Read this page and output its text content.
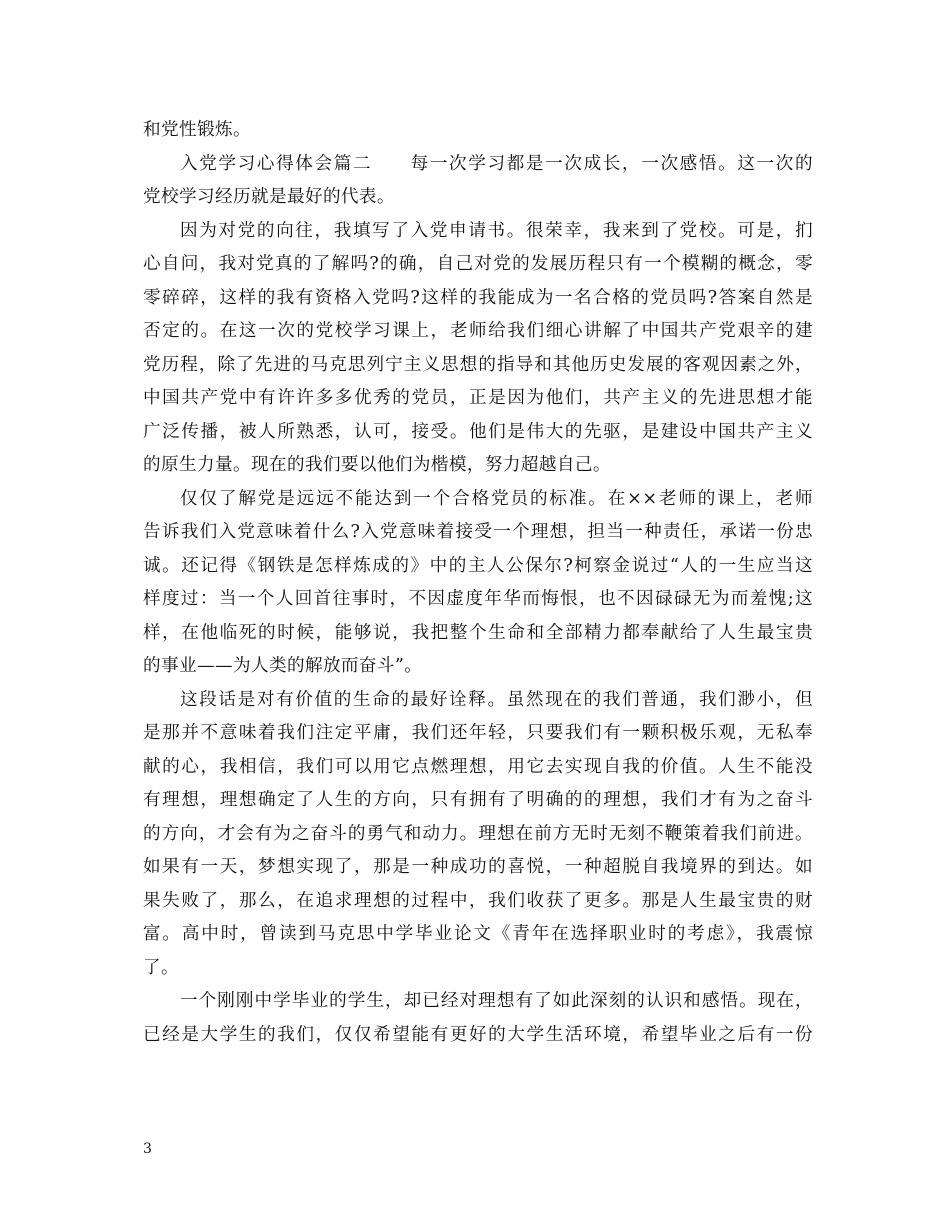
和党性锻炼。
入党学习心得体会篇二　　每一次学习都是一次成长，一次感悟。这一次的
党校学习经历就是最好的代表。
因为对党的向往，我填写了入党申请书。很荣幸，我来到了党校。可是，扪
心自问，我对党真的了解吗?的确，自己对党的发展历程只有一个模糊的概念，零
零碎碎，这样的我有资格入党吗?这样的我能成为一名合格的党员吗?答案自然是
否定的。在这一次的党校学习课上，老师给我们细心讲解了中国共产党艰辛的建
党历程，除了先进的马克思列宁主义思想的指导和其他历史发展的客观因素之外，
中国共产党中有许许多多优秀的党员，正是因为他们，共产主义的先进思想才能
广泛传播，被人所熟悉，认可，接受。他们是伟大的先驱，是建设中国共产主义
的原生力量。现在的我们要以他们为楷模，努力超越自己。
仅仅了解党是远远不能达到一个合格党员的标准。在××老师的课上，老师
告诉我们入党意味着什么?入党意味着接受一个理想，担当一种责任，承诺一份忠
诚。还记得《钢铁是怎样炼成的》中的主人公保尔?柯察金说过“人的一生应当这
样度过：当一个人回首往事时，不因虚度年华而悔恨，也不因碌碌无为而羞愧;这
样，在他临死的时候，能够说，我把整个生命和全部精力都奉献给了人生最宝贵
的事业——为人类的解放而奋斗”。
这段话是对有价值的生命的最好诠释。虽然现在的我们普通，我们渺小，但
是那并不意味着我们注定平庸，我们还年轻，只要我们有一颗积极乐观，无私奉
献的心，我相信，我们可以用它点燃理想，用它去实现自我的价值。人生不能没
有理想，理想确定了人生的方向，只有拥有了明确的的理想，我们才有为之奋斗
的方向，才会有为之奋斗的勇气和动力。理想在前方无时无刻不鞭策着我们前进。
如果有一天，梦想实现了，那是一种成功的喜悦，一种超脱自我境界的到达。如
果失败了，那么，在追求理想的过程中，我们收获了更多。那是人生最宝贵的财
富。高中时，曾读到马克思中学毕业论文《青年在选择职业时的考虑》，我震惊
了。
一个刚刚中学毕业的学生，却已经对理想有了如此深刻的认识和感悟。现在，
已经是大学生的我们，仅仅希望能有更好的大学生活环境，希望毕业之后有一份
3
